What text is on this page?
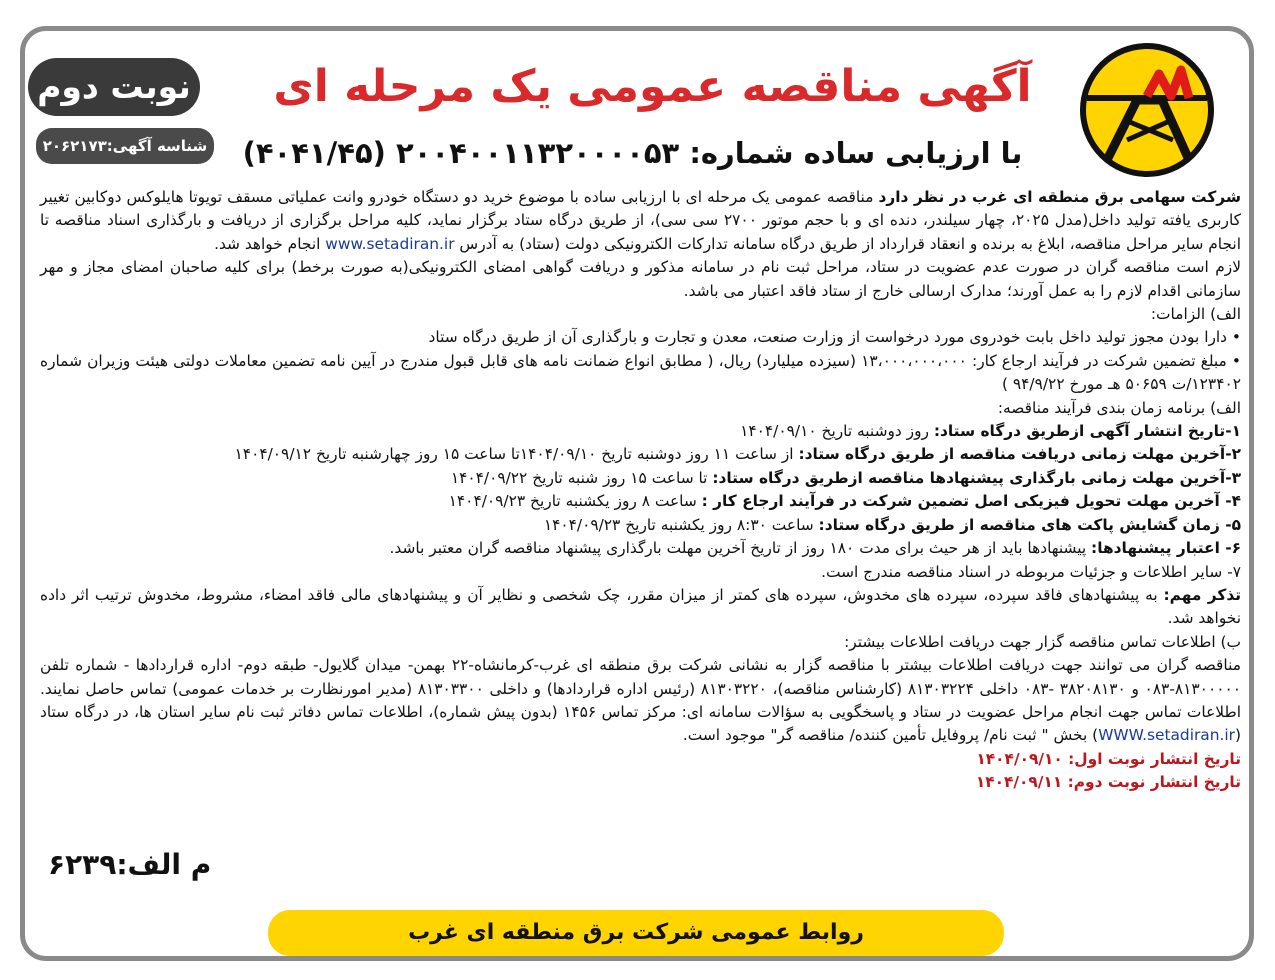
نوبت دوم
شناسه آگهی:۲۰۶۲۱۷۳
آگهی مناقصه عمومی یک مرحله ای
با ارزیابی ساده شماره: ۲۰۰۴۰۰۱۱۳۲۰۰۰۰۵۳ (۴۰۴۱/۴۵)

شرکت سهامی برق منطقه ای غرب در نظر دارد مناقصه عمومی یک مرحله ای با ارزیابی ساده با موضوع خرید دو دستگاه خودرو وانت عملیاتی مسقف تویوتا هایلوکس دوکابین تغییر کاربری یافته تولید داخل(مدل ۲۰۲۵، چهار سیلندر، دنده ای و با حجم موتور ۲۷۰۰ سی سی)، از طریق درگاه ستاد برگزار نماید، کلیه مراحل برگزاری از دریافت و بارگذاری اسناد مناقصه تا انجام سایر مراحل مناقصه، ابلاغ به برنده و انعقاد قرارداد از طریق درگاه سامانه تدارکات الکترونیکی دولت (ستاد) به آدرس www.setadiran.ir انجام خواهد شد.

لازم است مناقصه گران در صورت عدم عضویت در ستاد، مراحل ثبت نام در سامانه مذکور و دریافت گواهی امضای الکترونیکی(به صورت برخط) برای کلیه صاحبان امضای مجاز و مهر سازمانی اقدام لازم را به عمل آورند؛ مدارک ارسالی خارج از ستاد فاقد اعتبار می باشد.

الف) الزامات:

• دارا بودن مجوز تولید داخل بابت خودروی مورد درخواست از وزارت صنعت، معدن و تجارت و بارگذاری آن از طریق درگاه ستاد

• مبلغ تضمین شرکت در فرآیند ارجاع کار: ۱۳،۰۰۰،۰۰۰،۰۰۰ (سیزده میلیارد) ریال، ( مطابق انواع ضمانت نامه های قابل قبول مندرج در آیین نامه تضمین معاملات دولتی هیئت وزیران شماره ۱۲۳۴۰۲/ت ۵۰۶۵۹ هـ مورخ ۹۴/۹/۲۲ )

الف) برنامه زمان بندی فرآیند مناقصه:

۱-تاریخ انتشار آگهی ازطریق درگاه ستاد: روز دوشنبه تاریخ ۱۴۰۴/۰۹/۱۰

۲-آخرین مهلت زمانی دریافت مناقصه از طریق درگاه ستاد: از ساعت ۱۱ روز دوشنبه تاریخ ۱۴۰۴/۰۹/۱۰تا ساعت ۱۵ روز چهارشنبه تاریخ ۱۴۰۴/۰۹/۱۲

۳-آخرین مهلت زمانی بارگذاری پیشنهادها مناقصه ازطریق درگاه ستاد: تا ساعت ۱۵ روز شنبه تاریخ ۱۴۰۴/۰۹/۲۲

۴- آخرین مهلت تحویل فیزیکی اصل تضمین شرکت در فرآیند ارجاع کار : ساعت ۸ روز یکشنبه تاریخ ۱۴۰۴/۰۹/۲۳

۵- زمان گشایش پاکت های مناقصه از طریق درگاه ستاد: ساعت ۸:۳۰ روز یکشنبه تاریخ ۱۴۰۴/۰۹/۲۳

۶- اعتبار پیشنهادها: پیشنهادها باید از هر حیث برای مدت ۱۸۰ روز از تاریخ آخرین مهلت بارگذاری پیشنهاد مناقصه گران معتبر باشد.

۷- سایر اطلاعات و جزئیات مربوطه در اسناد مناقصه مندرج است.

تذکر مهم: به پیشنهادهای فاقد سپرده، سپرده های مخدوش، سپرده های کمتر از میزان مقرر، چک شخصی و نظایر آن و پیشنهادهای مالی فاقد امضاء، مشروط، مخدوش ترتیب اثر داده نخواهد شد.

ب) اطلاعات تماس مناقصه گزار جهت دریافت اطلاعات بیشتر:

مناقصه گران می توانند جهت دریافت اطلاعات بیشتر با مناقصه گزار به نشانی شرکت برق منطقه ای غرب-کرمانشاه-۲۲ بهمن- میدان گلایول- طبقه دوم- اداره قراردادها - شماره تلفن ۸۱۳۰۰۰۰۰-۰۸۳ و ۳۸۲۰۸۱۳۰ -۰۸۳ داخلی ۸۱۳۰۳۲۲۴ (کارشناس مناقصه)، ۸۱۳۰۳۲۲۰ (رئیس اداره قراردادها) و داخلی ۸۱۳۰۳۳۰۰ (مدیر امورنظارت بر خدمات عمومی) تماس حاصل نمایند. اطلاعات تماس جهت انجام مراحل عضویت در ستاد و پاسخگویی به سؤالات سامانه ای: مرکز تماس ۱۴۵۶ (بدون پیش شماره)، اطلاعات تماس دفاتر ثبت نام سایر استان ها، در درگاه ستاد (WWW.setadiran.ir) بخش " ثبت نام/ پروفایل تأمین کننده/ مناقصه گر" موجود است.

تاریخ انتشار نوبت اول: ۱۴۰۴/۰۹/۱۰

تاریخ انتشار نوبت دوم: ۱۴۰۴/۰۹/۱۱

م الف:۶۲۳۹
روابط عمومی شرکت برق منطقه ای غرب
